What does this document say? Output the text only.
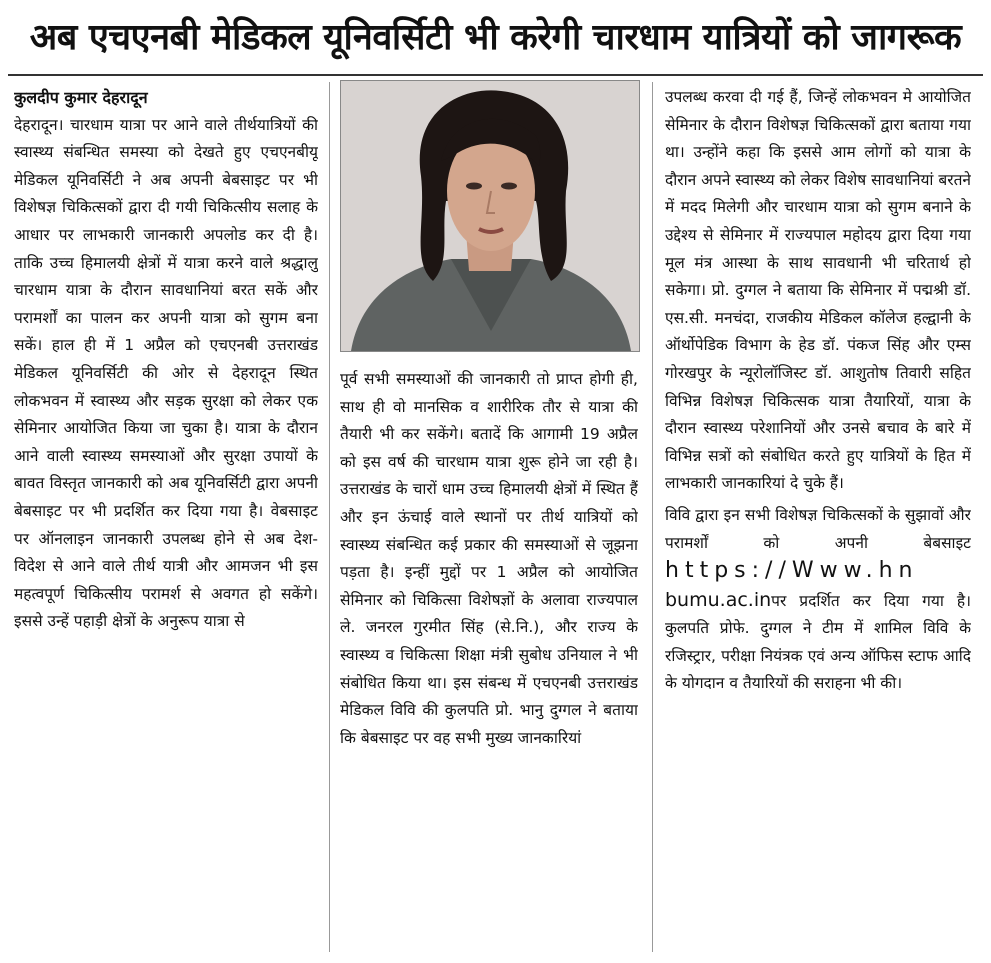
अब एचएनबी मेडिकल यूनिवर्सिटी भी करेगी चारधाम यात्रियों को जागरूक

कुलदीप कुमार देहरादून

देहरादून। चारधाम यात्रा पर आने वाले तीर्थयात्रियों की स्वास्थ्य संबन्धित समस्या को देखते हुए एचएनबीयू मेडिकल यूनिवर्सिटी ने अब अपनी बेबसाइट पर भी विशेषज्ञ चिकित्सकों द्वारा दी गयी चिकित्सीय सलाह के आधार पर लाभकारी जानकारी अपलोड कर दी है। ताकि उच्च हिमालयी क्षेत्रों में यात्रा करने वाले श्रद्धालु चारधाम यात्रा के दौरान सावधानियां बरत सकें और परामर्शों का पालन कर अपनी यात्रा को सुगम बना सकें। हाल ही में 1 अप्रैल को एचएनबी उत्तराखंड मेडिकल यूनिवर्सिटी की ओर से देहरादून स्थित लोकभवन में स्वास्थ्य और सड़क सुरक्षा को लेकर एक सेमिनार आयोजित किया जा चुका है। यात्रा के दौरान आने वाली स्वास्थ्य समस्याओं और सुरक्षा उपायों के बावत विस्तृत जानकारी को अब यूनिवर्सिटी द्वारा अपनी बेबसाइट पर भी प्रदर्शित कर दिया गया है। वेबसाइट पर ऑनलाइन जानकारी उपलब्ध होने से अब देश-विदेश से आने वाले तीर्थ यात्री और आमजन भी इस महत्वपूर्ण चिकित्सीय परामर्श से अवगत हो सकेंगे। इससे उन्हें पहाड़ी क्षेत्रों के अनुरूप यात्रा से

पूर्व सभी समस्याओं की जानकारी तो प्राप्त होगी ही, साथ ही वो मानसिक व शारीरिक तौर से यात्रा की तैयारी भी कर सकेंगे। बतादें कि आगामी 19 अप्रैल को इस वर्ष की चारधाम यात्रा शुरू होने जा रही है। उत्तराखंड के चारों धाम उच्च हिमालयी क्षेत्रों में स्थित हैं और इन ऊंचाई वाले स्थानों पर तीर्थ यात्रियों को स्वास्थ्य संबन्धित कई प्रकार की समस्याओं से जूझना पड़ता है। इन्हीं मुद्दों पर 1 अप्रैल को आयोजित सेमिनार को चिकित्सा विशेषज्ञों के अलावा राज्यपाल ले. जनरल गुरमीत सिंह (से.नि.), और राज्य के स्वास्थ्य व चिकित्सा शिक्षा मंत्री सुबोध उनियाल ने भी संबोधित किया था। इस संबन्ध में एचएनबी उत्तराखंड मेडिकल विवि की कुलपति प्रो. भानु दुग्गल ने बताया कि बेबसाइट पर वह सभी मुख्य जानकारियां

उपलब्ध करवा दी गई हैं, जिन्हें लोकभवन मे आयोजित सेमिनार के दौरान विशेषज्ञ चिकित्सकों द्वारा बताया गया था। उन्होंने कहा कि इससे आम लोगों को यात्रा के दौरान अपने स्वास्थ्य को लेकर विशेष सावधानियां बरतने में मदद मिलेगी और चारधाम यात्रा को सुगम बनाने के उद्देश्य से सेमिनार में राज्यपाल महोदय द्वारा दिया गया मूल मंत्र आस्था के साथ सावधानी भी चरितार्थ हो सकेगा। प्रो. दुग्गल ने बताया कि सेमिनार में पद्मश्री डॉ. एस.सी. मनचंदा, राजकीय मेडिकल कॉलेज हल्द्वानी के ऑर्थोपेडिक विभाग के हेड डॉ. पंकज सिंह और एम्स गोरखपुर के न्यूरोलॉजिस्ट डॉ. आशुतोष तिवारी सहित विभिन्न विशेषज्ञ चिकित्सक यात्रा तैयारियों, यात्रा के दौरान स्वास्थ्य परेशानियों और उनसे बचाव के बारे में विभिन्न सत्रों को संबोधित करते हुए यात्रियों के हित में लाभकारी जानकारियां दे चुके हैं।

विवि द्वारा इन सभी विशेषज्ञ चिकित्सकों के सुझावों और परामर्शों को अपनी बेबसाइट https://Www.hn bumu.ac.inपर प्रदर्शित कर दिया गया है। कुलपति प्रोफे. दुग्गल ने टीम में शामिल विवि के रजिस्ट्रार, परीक्षा नियंत्रक एवं अन्य ऑफिस स्टाफ आदि के योगदान व तैयारियों की सराहना भी की।
